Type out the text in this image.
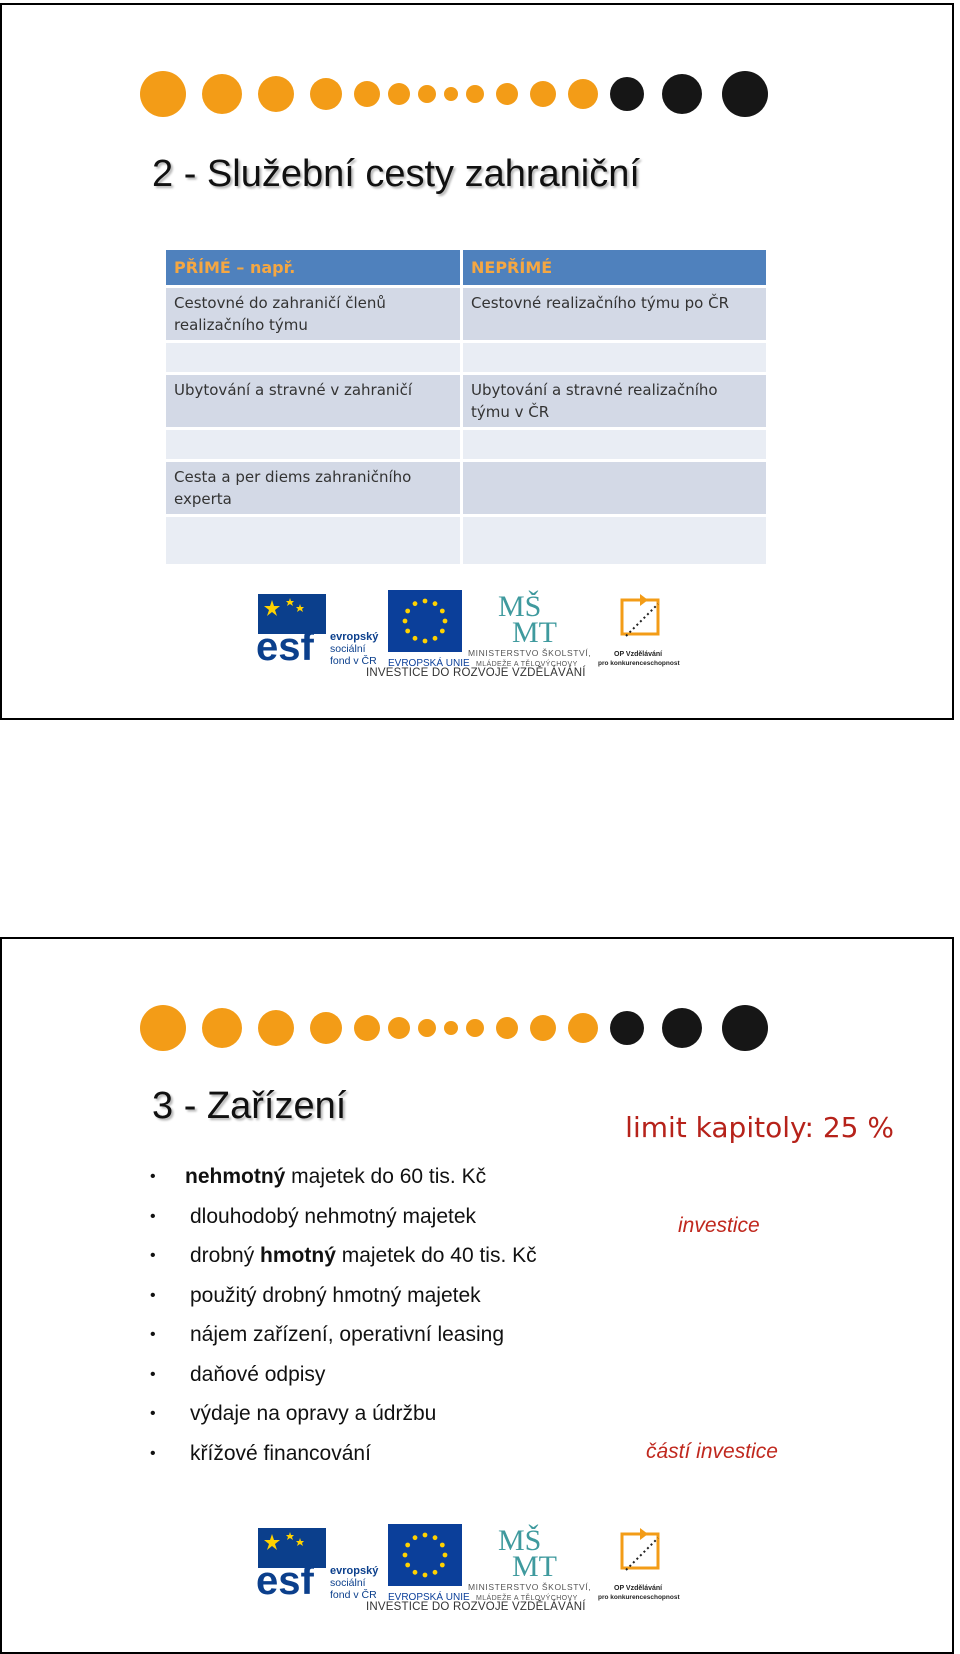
2 - Služební cesty zahraniční
PŘÍMÉ – např.	NEPŘÍMÉ
Cestovné do zahraničí členů realizačního týmu	Cestovné realizačního týmu po ČR

Ubytování a stravné v zahraničí	Ubytování a stravné realizačního týmu v ČR

Cesta a per diems zahraničního experta	

esf evropský
sociální
fond v ČR EVROPSKÁ UNIE
MŠ
MT
MINISTERSTVO ŠKOLSTVÍ,
MLÁDEŽE A TĚLOVÝCHOVY
OP Vzdělávání
pro konkurenceschopnost
INVESTICE DO ROZVOJE VZDĚLÁVÁNÍ
3 - Zařízení
limit kapitoly: 25 %
• nehmotný majetek do 60 tis. Kč
• dlouhodobý nehmotný majetek
• drobný hmotný majetek do 40 tis. Kč
• použitý drobný hmotný majetek
• nájem zařízení, operativní leasing
• daňové odpisy
• výdaje na opravy a údržbu
• křížové financování
investice
částí investice
esf evropský
sociální
fond v ČR EVROPSKÁ UNIE
MŠ
MT
MINISTERSTVO ŠKOLSTVÍ,
MLÁDEŽE A TĚLOVÝCHOVY
OP Vzdělávání
pro konkurenceschopnost
INVESTICE DO ROZVOJE VZDĚLÁVÁNÍ
